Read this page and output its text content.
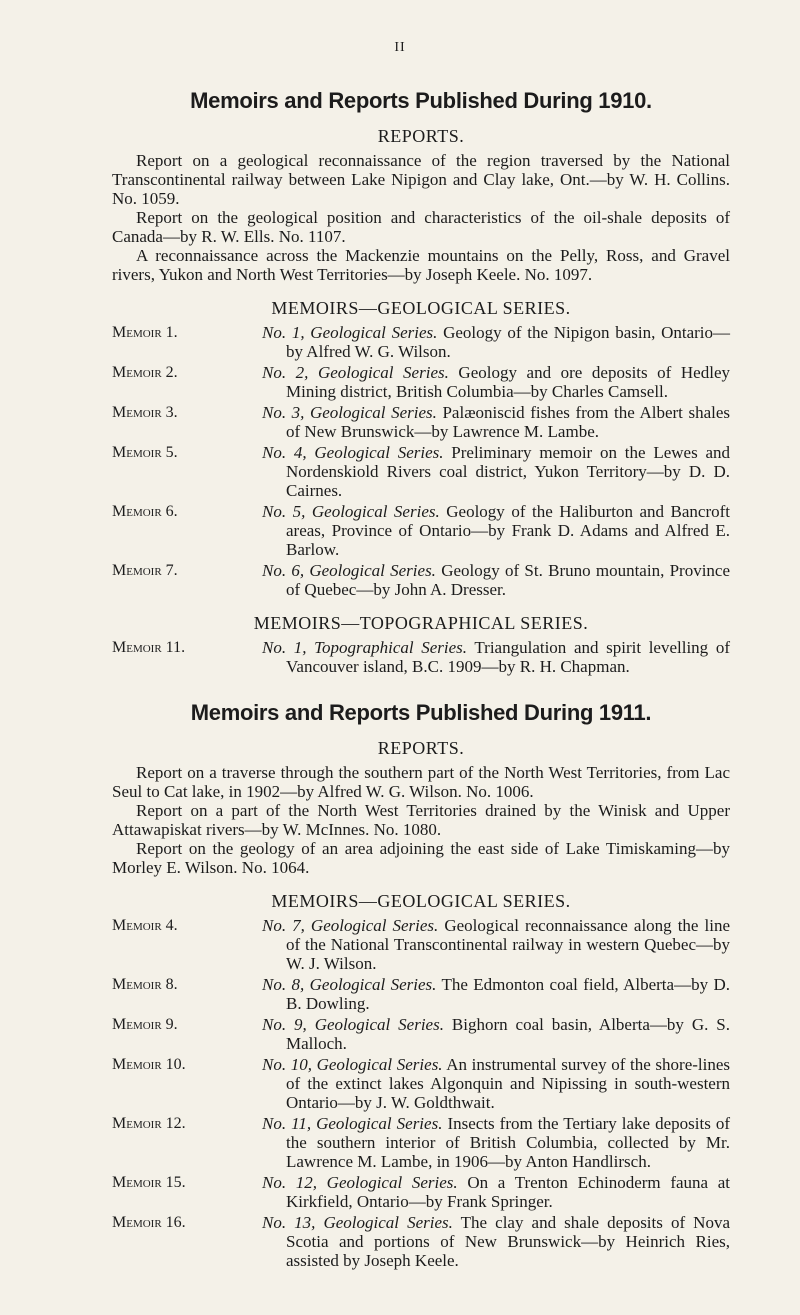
II
Memoirs and Reports Published During 1910.
REPORTS.

Report on a geological reconnaissance of the region traversed by the National Transcontinental railway between Lake Nipigon and Clay lake, Ont.—by W. H. Collins. No. 1059.

Report on the geological position and characteristics of the oil-shale deposits of Canada—by R. W. Ells. No. 1107.

A reconnaissance across the Mackenzie mountains on the Pelly, Ross, and Gravel rivers, Yukon and North West Territories—by Joseph Keele. No. 1097.

MEMOIRS—GEOLOGICAL SERIES.
Memoir 1.	No. 1, Geological Series. Geology of the Nipigon basin, Ontario—by Alfred W. G. Wilson.
Memoir 2.	No. 2, Geological Series. Geology and ore deposits of Hedley Mining district, British Columbia—by Charles Camsell.
Memoir 3.	No. 3, Geological Series. Palæoniscid fishes from the Albert shales of New Brunswick—by Lawrence M. Lambe.
Memoir 5.	No. 4, Geological Series. Preliminary memoir on the Lewes and Nordenskiold Rivers coal district, Yukon Territory—by D. D. Cairnes.
Memoir 6.	No. 5, Geological Series. Geology of the Haliburton and Bancroft areas, Province of Ontario—by Frank D. Adams and Alfred E. Barlow.
Memoir 7.	No. 6, Geological Series. Geology of St. Bruno mountain, Province of Quebec—by John A. Dresser.
MEMOIRS—TOPOGRAPHICAL SERIES.
Memoir 11.	No. 1, Topographical Series. Triangulation and spirit levelling of Vancouver island, B.C. 1909—by R. H. Chapman.
Memoirs and Reports Published During 1911.
REPORTS.

Report on a traverse through the southern part of the North West Territories, from Lac Seul to Cat lake, in 1902—by Alfred W. G. Wilson. No. 1006.

Report on a part of the North West Territories drained by the Winisk and Upper Attawapiskat rivers—by W. McInnes. No. 1080.

Report on the geology of an area adjoining the east side of Lake Timiskaming—by Morley E. Wilson. No. 1064.

MEMOIRS—GEOLOGICAL SERIES.
Memoir 4.	No. 7, Geological Series. Geological reconnaissance along the line of the National Transcontinental railway in western Quebec—by W. J. Wilson.
Memoir 8.	No. 8, Geological Series. The Edmonton coal field, Alberta—by D. B. Dowling.
Memoir 9.	No. 9, Geological Series. Bighorn coal basin, Alberta—by G. S. Malloch.
Memoir 10.	No. 10, Geological Series. An instrumental survey of the shore-lines of the extinct lakes Algonquin and Nipissing in south-western Ontario—by J. W. Goldthwait.
Memoir 12.	No. 11, Geological Series. Insects from the Tertiary lake deposits of the southern interior of British Columbia, collected by Mr. Lawrence M. Lambe, in 1906—by Anton Handlirsch.
Memoir 15.	No. 12, Geological Series. On a Trenton Echinoderm fauna at Kirkfield, Ontario—by Frank Springer.
Memoir 16.	No. 13, Geological Series. The clay and shale deposits of Nova Scotia and portions of New Brunswick—by Heinrich Ries, assisted by Joseph Keele.
